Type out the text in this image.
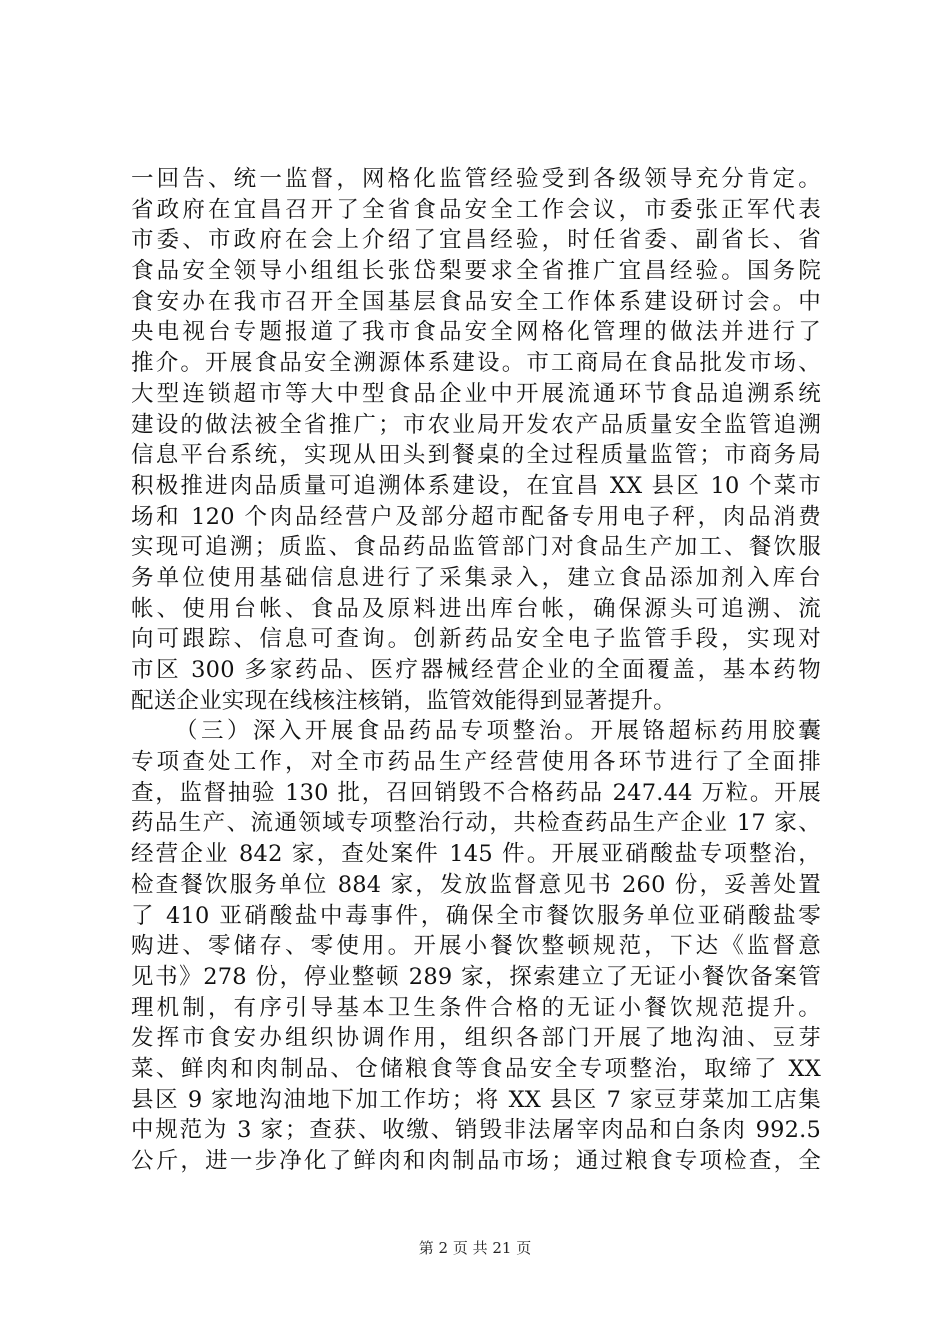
一回告、统一监督，网格化监管经验受到各级领导充分肯定。
省政府在宜昌召开了全省食品安全工作会议，市委张正军代表
市委、市政府在会上介绍了宜昌经验，时任省委、副省长、省
食品安全领导小组组长张岱梨要求全省推广宜昌经验。国务院
食安办在我市召开全国基层食品安全工作体系建设研讨会。中
央电视台专题报道了我市食品安全网格化管理的做法并进行了
推介。开展食品安全溯源体系建设。市工商局在食品批发市场、
大型连锁超市等大中型食品企业中开展流通环节食品追溯系统
建设的做法被全省推广；市农业局开发农产品质量安全监管追溯
信息平台系统，实现从田头到餐桌的全过程质量监管；市商务局
积极推进肉品质量可追溯体系建设，在宜昌 XX 县区 10 个菜市
场和 120 个肉品经营户及部分超市配备专用电子秤，肉品消费
实现可追溯；质监、食品药品监管部门对食品生产加工、餐饮服
务单位使用基础信息进行了采集录入，建立食品添加剂入库台
帐、使用台帐、食品及原料进出库台帐，确保源头可追溯、流
向可跟踪、信息可查询。创新药品安全电子监管手段，实现对
市区 300 多家药品、医疗器械经营企业的全面覆盖，基本药物
配送企业实现在线核注核销，监管效能得到显著提升。
（三）深入开展食品药品专项整治。开展铬超标药用胶囊
专项查处工作，对全市药品生产经营使用各环节进行了全面排
查，监督抽验 130 批，召回销毁不合格药品 247.44 万粒。开展
药品生产、流通领域专项整治行动，共检查药品生产企业 17 家、
经营企业 842 家，查处案件 145 件。开展亚硝酸盐专项整治，
检查餐饮服务单位 884 家，发放监督意见书 260 份，妥善处置
了 410 亚硝酸盐中毒事件，确保全市餐饮服务单位亚硝酸盐零
购进、零储存、零使用。开展小餐饮整顿规范，下达《监督意
见书》278 份，停业整顿 289 家，探索建立了无证小餐饮备案管
理机制，有序引导基本卫生条件合格的无证小餐饮规范提升。
发挥市食安办组织协调作用，组织各部门开展了地沟油、豆芽
菜、鲜肉和肉制品、仓储粮食等食品安全专项整治，取缔了 XX
县区 9 家地沟油地下加工作坊；将 XX 县区 7 家豆芽菜加工店集
中规范为 3 家；查获、收缴、销毁非法屠宰肉品和白条肉 992.5
公斤，进一步净化了鲜肉和肉制品市场；通过粮食专项检查，全
第 2 页 共 21 页
